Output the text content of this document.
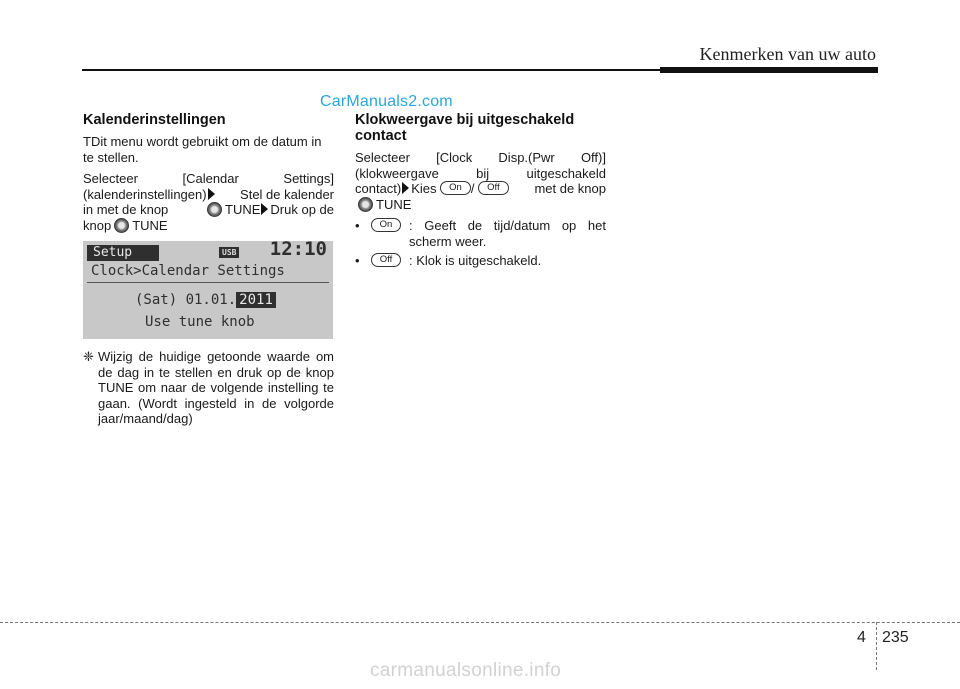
Kenmerken van uw auto
CarManuals2.com
Kalenderinstellingen

TDit menu wordt gebruikt om de datum in te stellen.

Selecteer [Calendar Settings]
(kalenderinstellingen)	Stel de kalender
in met de knop	TUNE Druk op de
knop TUNE

Setup	USB 12:10
Clock>Calendar Settings
(Sat) 01.01. 2011
Use tune knob
❈ Wijzig de huidige getoonde waarde om de dag in te stellen en druk op de knop TUNE om naar de volgende instelling te gaan. (Wordt ingesteld in de volgorde jaar/maand/dag)
Klokweergave bij uitgeschakeld contact

Selecteer [Clock Disp.(Pwr Off)]
(klokweergave bij uitgeschakeld
contact) Kies On / Off	met de knop
TUNE

•	On	: Geeft de tijd/datum op het scherm weer.
•	Off	: Klok is uitgeschakeld.
4 235
carmanualsonline.info
